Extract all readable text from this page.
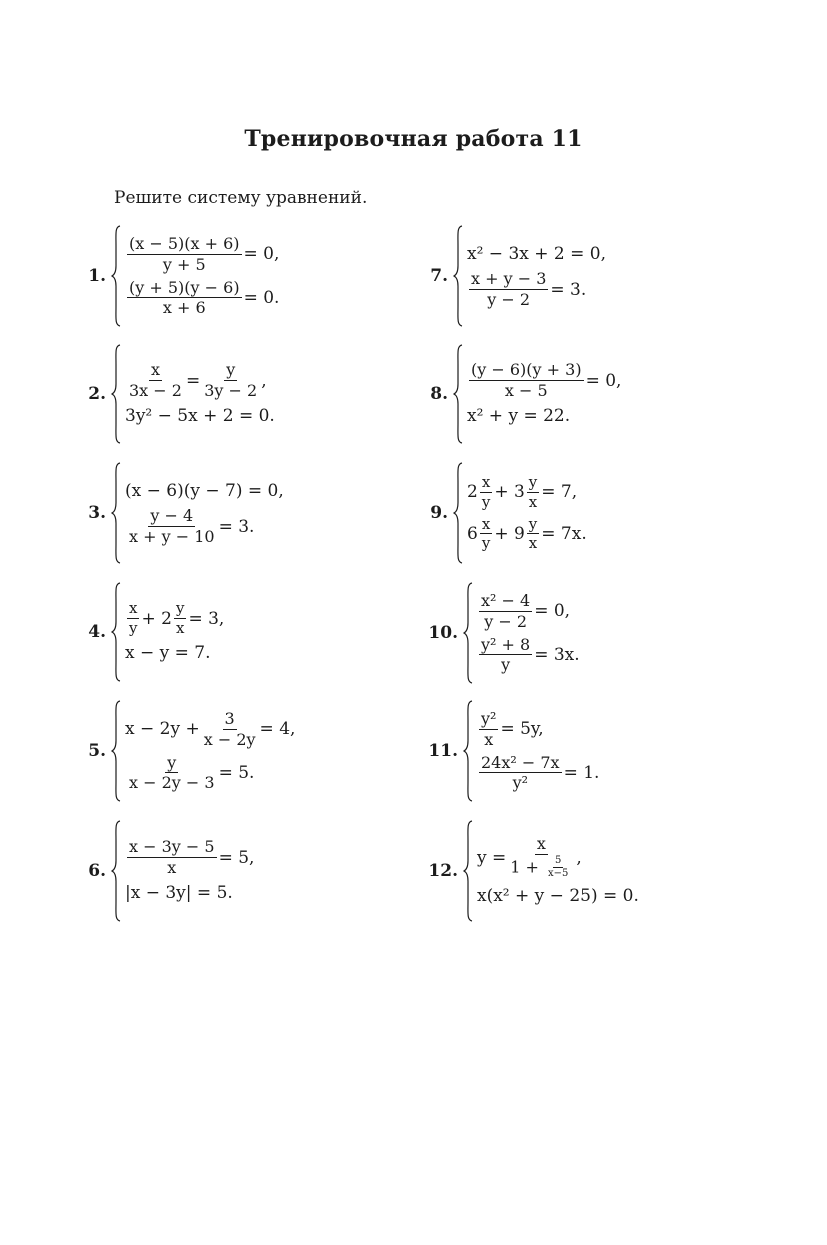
Тренировочная работа 11
Решите систему уравнений.
1.
$\frac{(x - 5)(x + 6)}{y + 5} = 0$,
$\frac{(y + 5)(y - 6)}{x + 6} = 0$.
2. $\frac{x}{3x - 2} = \frac{y}{3y - 2}$ ,
3y² − 5x + 2 = 0.
3.
(x − 6)(y − 7) = 0,
$\frac{y - 4}{x + y - 10} = 3$.
4. $\frac{x}{y} + 2 \frac{y}{x} = 3$,
x − y = 7.
5.
$x - 2y + \frac{3}{x - 2y} = 4$,
$\frac{y}{x - 2y - 3} = 5$.
6. $\frac{x - 3y - 5}{x} = 5$,
|x − 3y| = 5.
7.
x² − 3x + 2 = 0,
$\frac{x + y - 3}{y - 2} = 3$.
8. $\frac{(y - 6)(y + 3)}{x - 5} = 0$,
x² + y = 22.
9.
$2 \frac{x}{y} + 3 \frac{y}{x} = 7$,
$6 \frac{x}{y} + 9 \frac{y}{x} = 7x$.
10.
$\frac{\text{x² − 4}}{y - 2} = 0$,
$\frac{\text{y² + 8}}{y} = 3x$.
11.
$\frac{\text{y²}}{x} = 5y$,
$\frac{\text{24x² − 7x}}{\text{y²}} = 1$.
12.
$y = \frac{x}{1 + \frac{5}{x-5}}$ ,
x(x² + y − 25) = 0.
